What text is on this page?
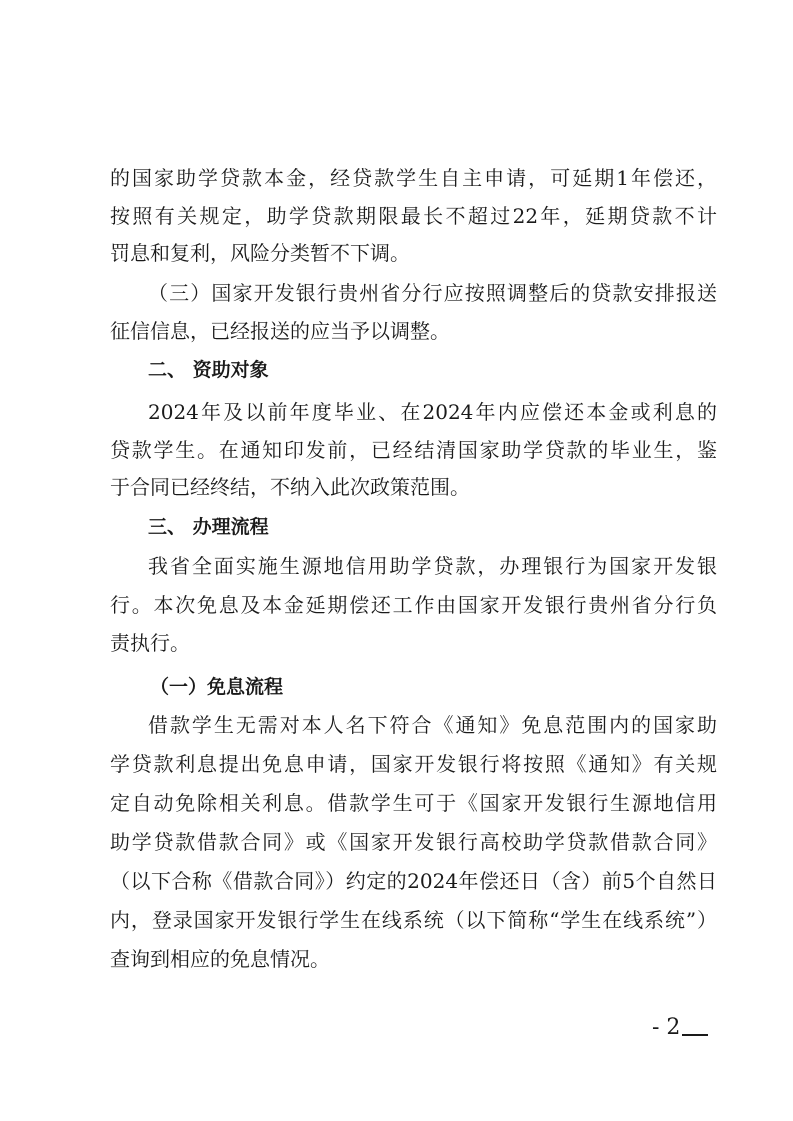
的国家助学贷款本金，经贷款学生自主申请，可延期1年偿还，
按照有关规定，助学贷款期限最长不超过22年，延期贷款不计
罚息和复利，风险分类暂不下调。
（三）国家开发银行贵州省分行应按照调整后的贷款安排报送
征信信息，已经报送的应当予以调整。
二、 资助对象
2024年及以前年度毕业、在2024年内应偿还本金或利息的
贷款学生。在通知印发前，已经结清国家助学贷款的毕业生，鉴
于合同已经终结，不纳入此次政策范围。
三、 办理流程
我省全面实施生源地信用助学贷款，办理银行为国家开发银
行。本次免息及本金延期偿还工作由国家开发银行贵州省分行负
责执行。
（一）免息流程
借款学生无需对本人名下符合《通知》免息范围内的国家助
学贷款利息提出免息申请，国家开发银行将按照《通知》有关规
定自动免除相关利息。借款学生可于《国家开发银行生源地信用
助学贷款借款合同》或《国家开发银行高校助学贷款借款合同》
（以下合称《借款合同》）约定的2024年偿还日（含）前5个自然日
内，登录国家开发银行学生在线系统（以下简称“学生在线系统”）
查询到相应的免息情况。
- 2
